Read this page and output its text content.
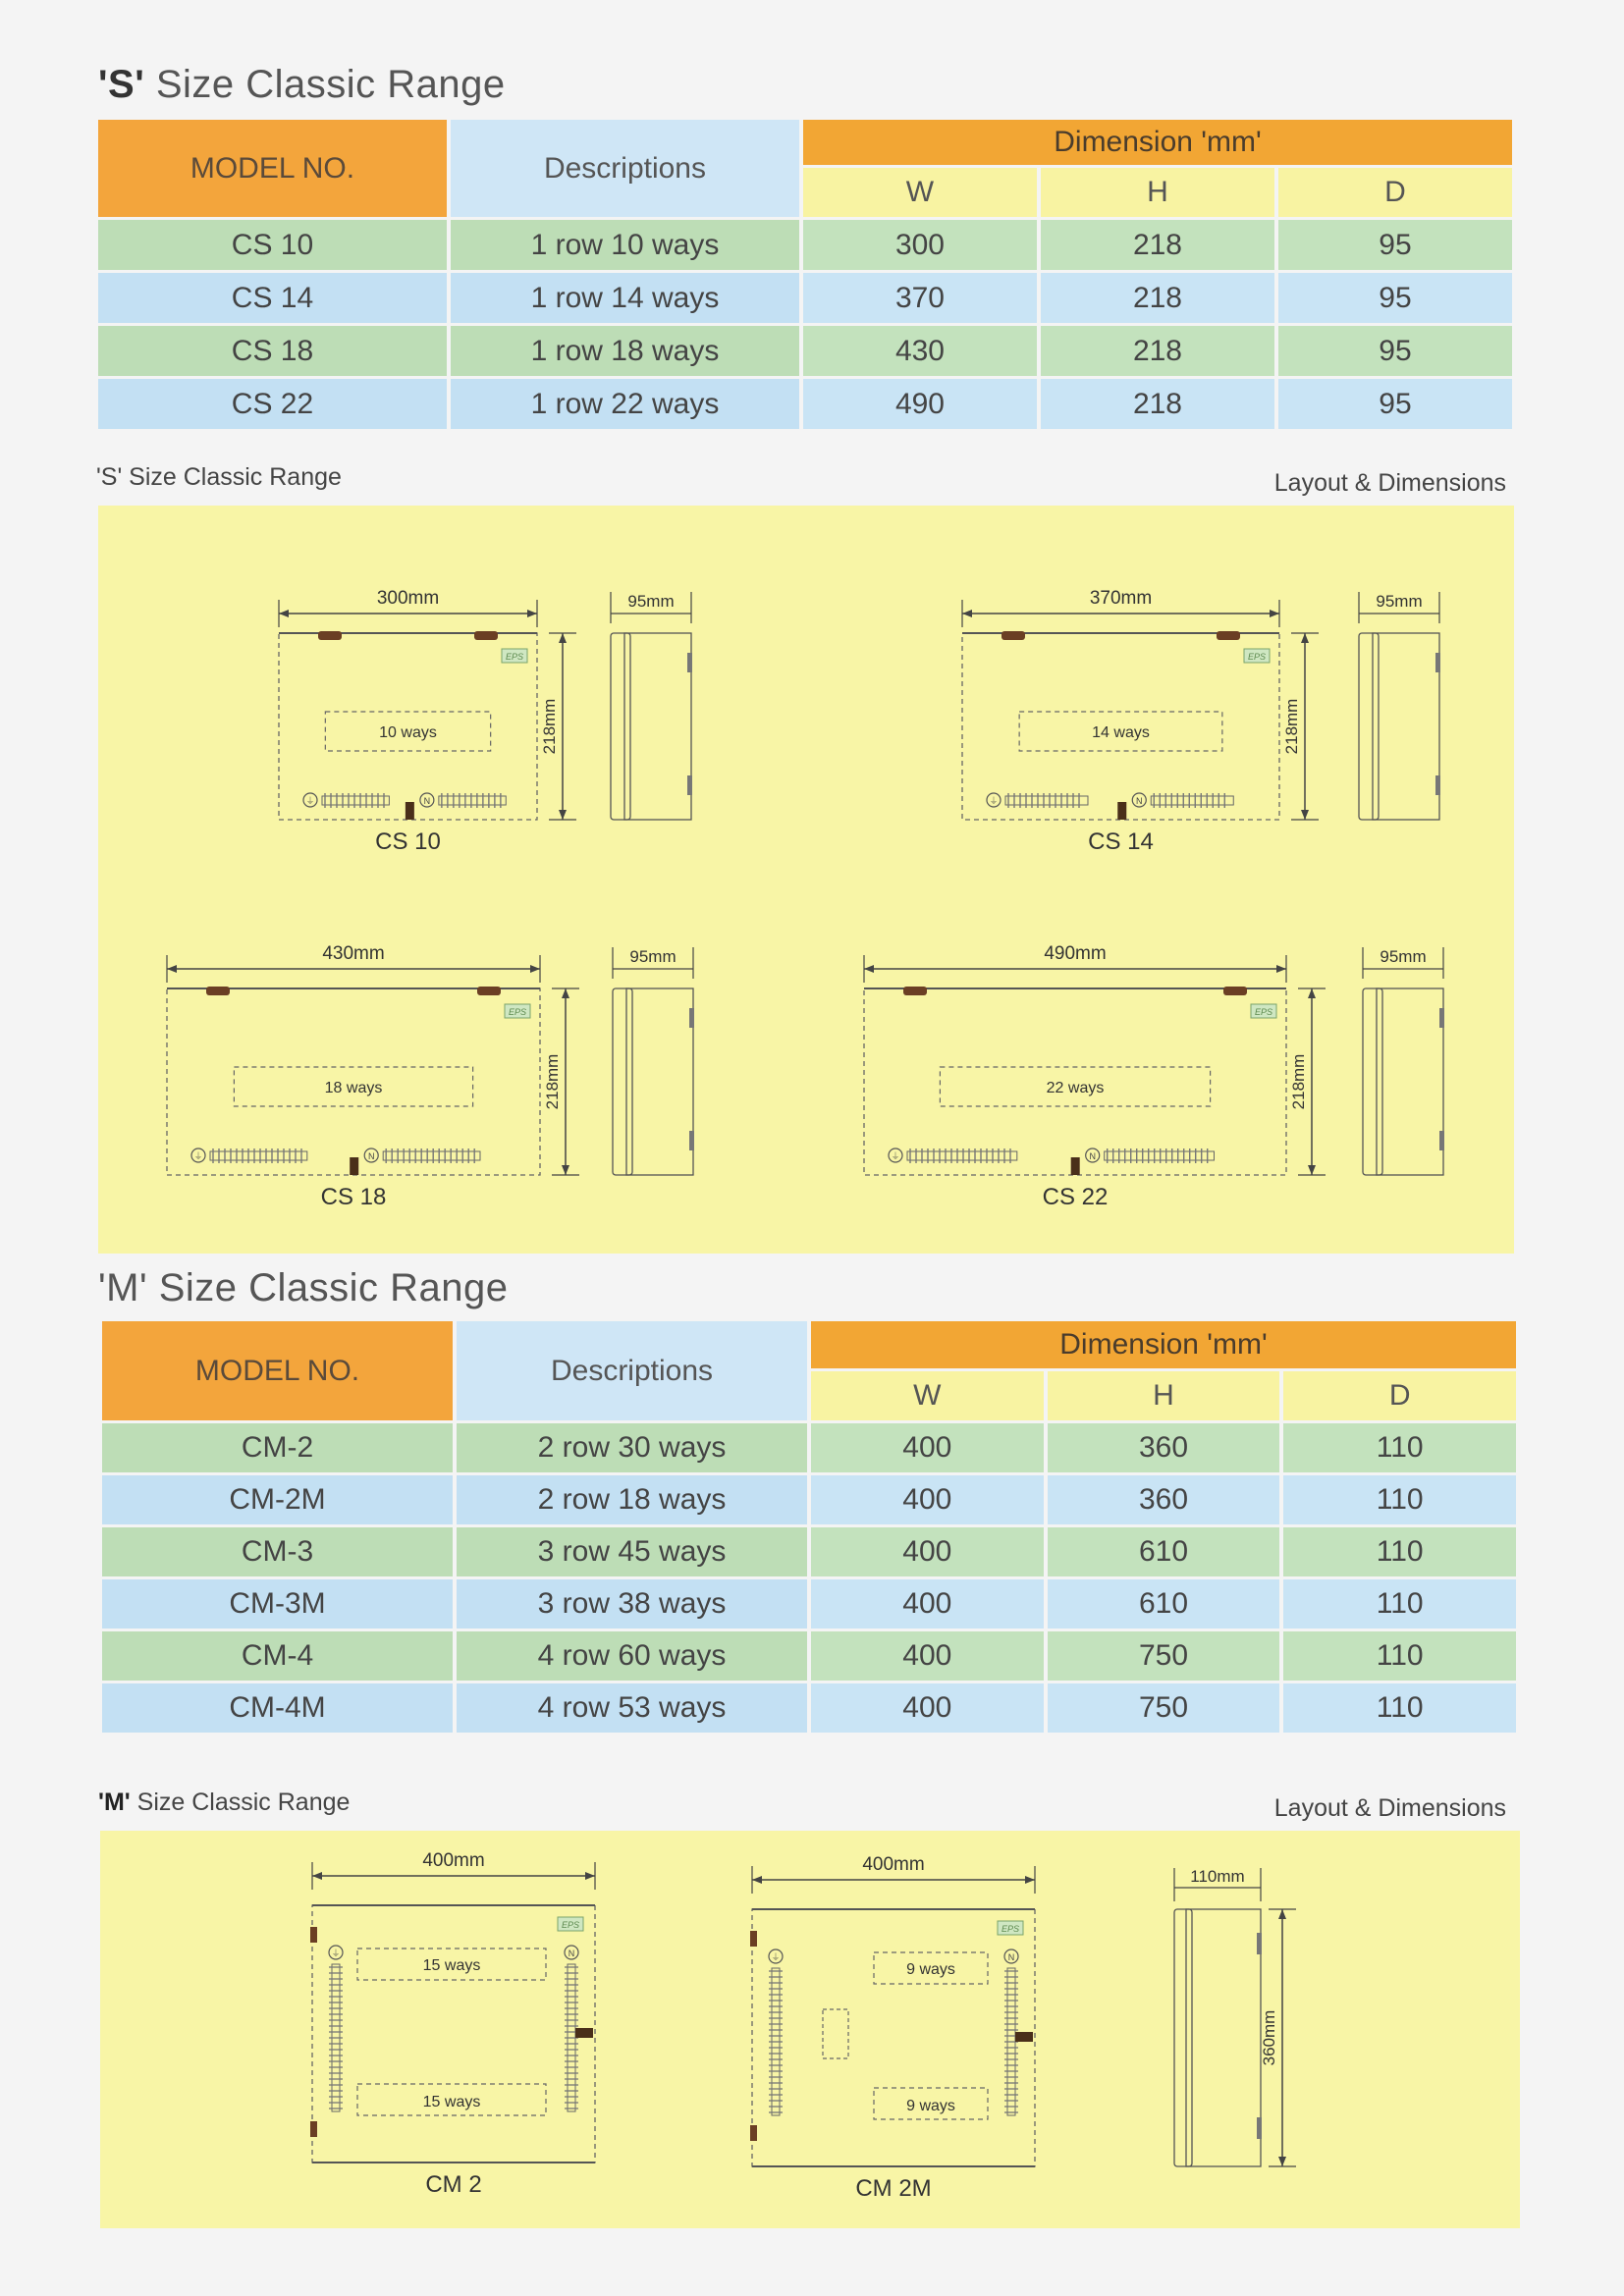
'S' Size Classic Range
MODEL NO.	Descriptions	Dimension 'mm'		
		W	H	D
CS 10	1 row 10 ways	300	218	95
CS 14	1 row 14 ways	370	218	95
CS 18	1 row 18 ways	430	218	95
CS 22	1 row 22 ways	490	218	95
'S' Size Classic Range	Layout & Dimensions
300mm
EPS
10 ways
⏚	N
218mm
CS 10
95mm	370mm
EPS
14 ways
⏚	N
218mm
CS 14
95mm
430mm
EPS
18 ways
⏚	N
218mm
CS 18
95mm	490mm
EPS
22 ways
⏚	N
218mm
CS 22
95mm
'M' Size Classic Range
MODEL NO.	Descriptions	Dimension 'mm'		
		W	H	D
CM-2	2 row 30 ways	400	360	110
CM-2M	2 row 18 ways	400	360	110
CM-3	3 row 45 ways	400	610	110
CM-3M	3 row 38 ways	400	610	110
CM-4	4 row 60 ways	400	750	110
CM-4M	4 row 53 ways	400	750	110
'M' Size Classic Range	Layout & Dimensions
400mm
EPS
⏚	N
15 ways
15 ways
CM 2
400mm
EPS
⏚	N
9 ways
9 ways
CM 2M
110mm
360mm
